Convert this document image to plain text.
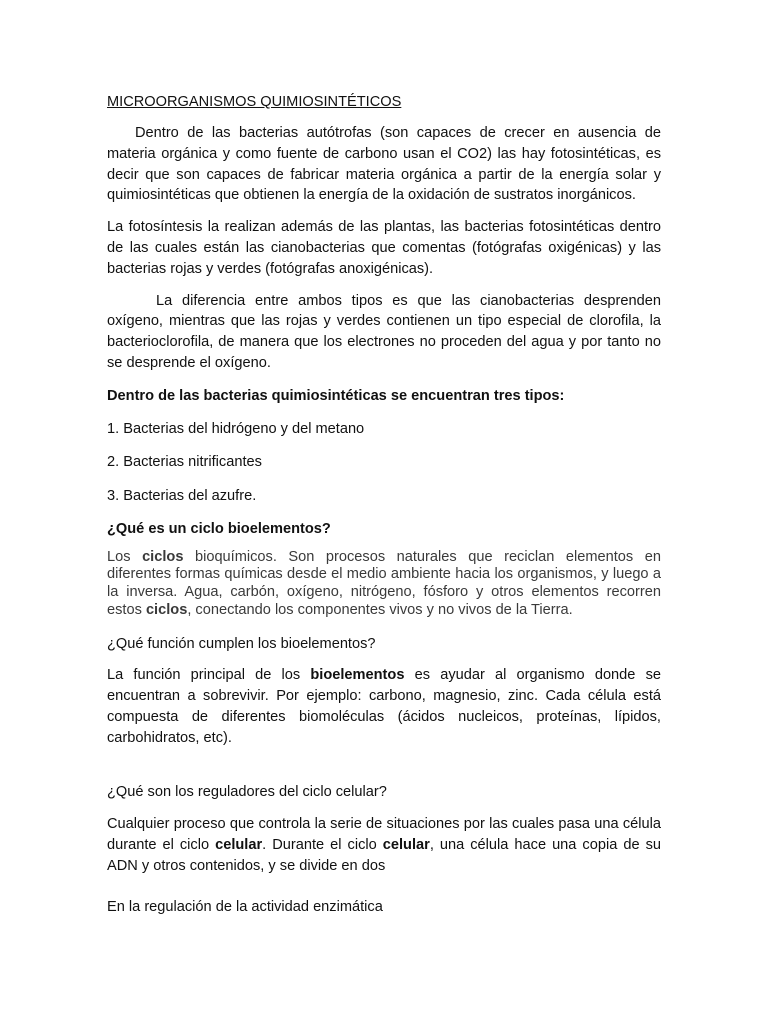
MICROORGANISMOS QUIMIOSINTÉTICOS

Dentro de las bacterias autótrofas (son capaces de crecer en ausencia de materia orgánica y como fuente de carbono usan el CO2) las hay fotosintéticas, es decir que son capaces de fabricar materia orgánica a partir de la energía solar y quimiosintéticas que obtienen la energía de la oxidación de sustratos inorgánicos.

La fotosíntesis la realizan además de las plantas, las bacterias fotosintéticas dentro de las cuales están las cianobacterias que comentas (fotógrafas oxigénicas) y las bacterias rojas y verdes (fotógrafas anoxigénicas).

La diferencia entre ambos tipos es que las cianobacterias desprenden oxígeno, mientras que las rojas y verdes contienen un tipo especial de clorofila, la bacterioclorofila, de manera que los electrones no proceden del agua y por tanto no se desprende el oxígeno.

Dentro de las bacterias quimiosintéticas se encuentran tres tipos:

1. Bacterias del hidrógeno y del metano

2. Bacterias nitrificantes

3. Bacterias del azufre.

¿Qué es un ciclo bioelementos?

Los ciclos bioquímicos. Son procesos naturales que reciclan elementos en diferentes formas químicas desde el medio ambiente hacia los organismos, y luego a la inversa. Agua, carbón, oxígeno, nitrógeno, fósforo y otros elementos recorren estos ciclos, conectando los componentes vivos y no vivos de la Tierra.

¿Qué función cumplen los bioelementos?

La función principal de los bioelementos es ayudar al organismo donde se encuentran a sobrevivir. Por ejemplo: carbono, magnesio, zinc. Cada célula está compuesta de diferentes biomoléculas (ácidos nucleicos, proteínas, lípidos, carbohidratos, etc).

¿Qué son los reguladores del ciclo celular?

Cualquier proceso que controla la serie de situaciones por las cuales pasa una célula durante el ciclo celular. Durante el ciclo celular, una célula hace una copia de su ADN y otros contenidos, y se divide en dos

En la regulación de la actividad enzimática
